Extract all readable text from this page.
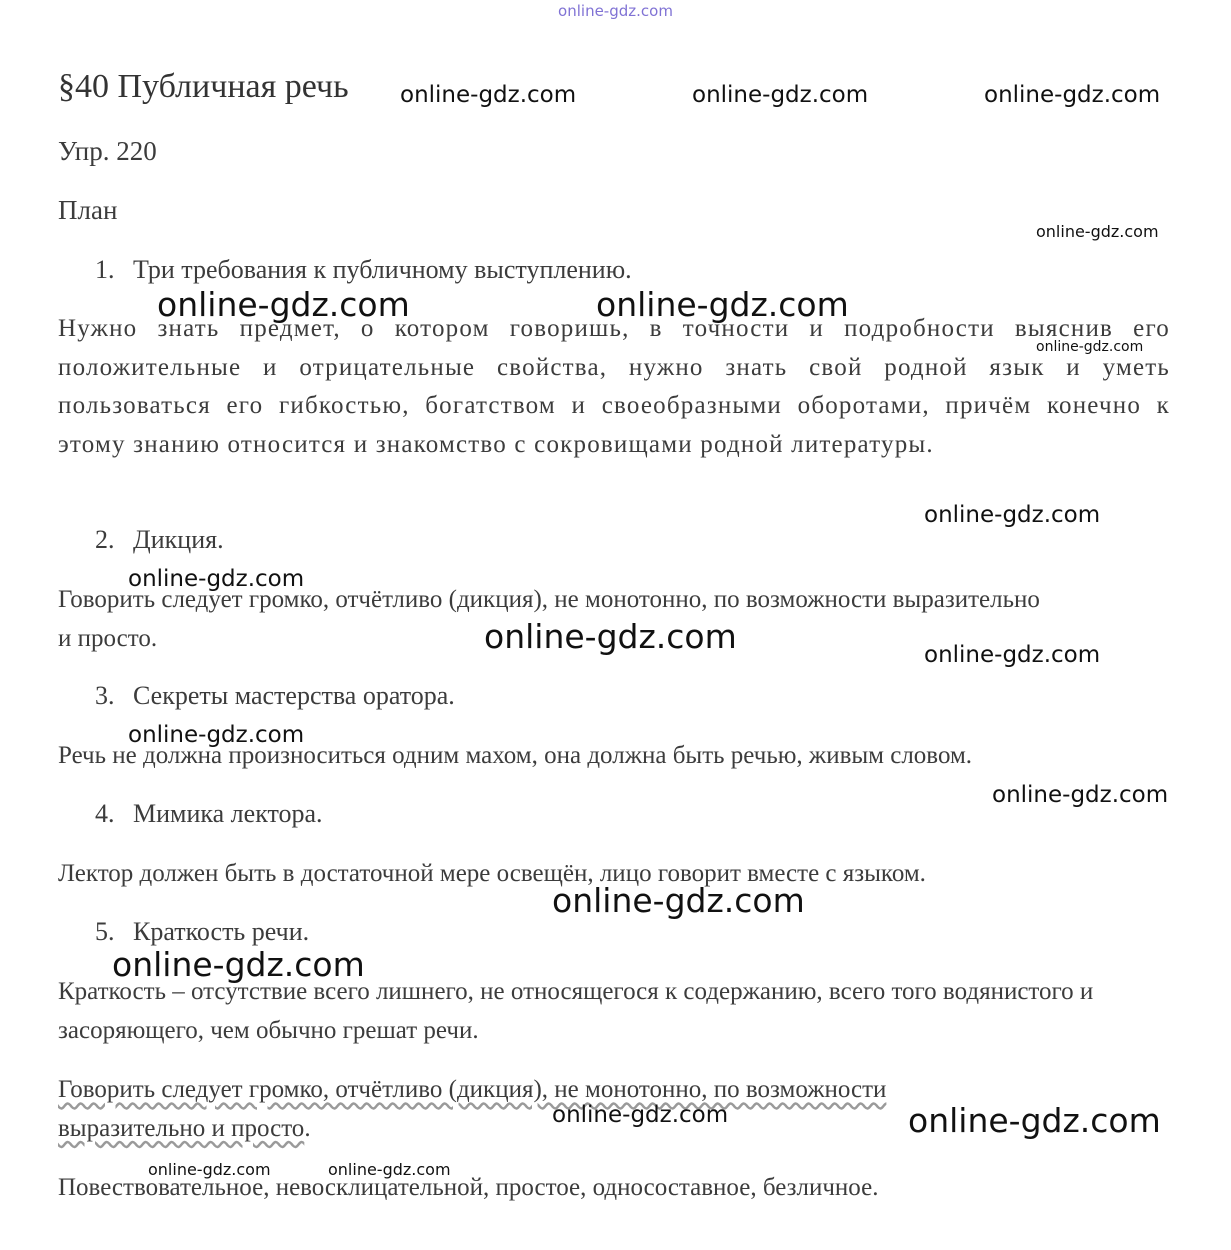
online-gdz.com
§40 Публичная речь
Упр. 220
План
1. Три требования к публичному выступлению.
Нужно знать предмет, о котором говоришь, в точности и подробности выяснив его положительные и отрицательные свойства, нужно знать свой родной язык и уметь пользоваться его гибкостью, богатством и своеобразными оборотами, причём конечно к этому знанию относится и знакомство с сокровищами родной литературы.
2. Дикция.
Говорить следует громко, отчётливо (дикция), не монотонно, по возможности выразительно и просто.
3. Секреты мастерства оратора.
Речь не должна произноситься одним махом, она должна быть речью, живым словом.
4. Мимика лектора.
Лектор должен быть в достаточной мере освещён, лицо говорит вместе с языком.
5. Краткость речи.
Краткость – отсутствие всего лишнего, не относящегося к содержанию, всего того водянистого и засоряющего, чем обычно грешат речи.
Говорить следует громко, отчётливо (дикция), не монотонно, по возможности
выразительно и просто.
Повествовательное, невосклицательной, простое, односоставное, безличное.
online-gdz.com	online-gdz.com	online-gdz.com
online-gdz.com
online-gdz.com	online-gdz.com
online-gdz.com
online-gdz.com
online-gdz.com
online-gdz.com	online-gdz.com
online-gdz.com
online-gdz.com
online-gdz.com
online-gdz.com
online-gdz.com	online-gdz.com
online-gdz.com	online-gdz.com
